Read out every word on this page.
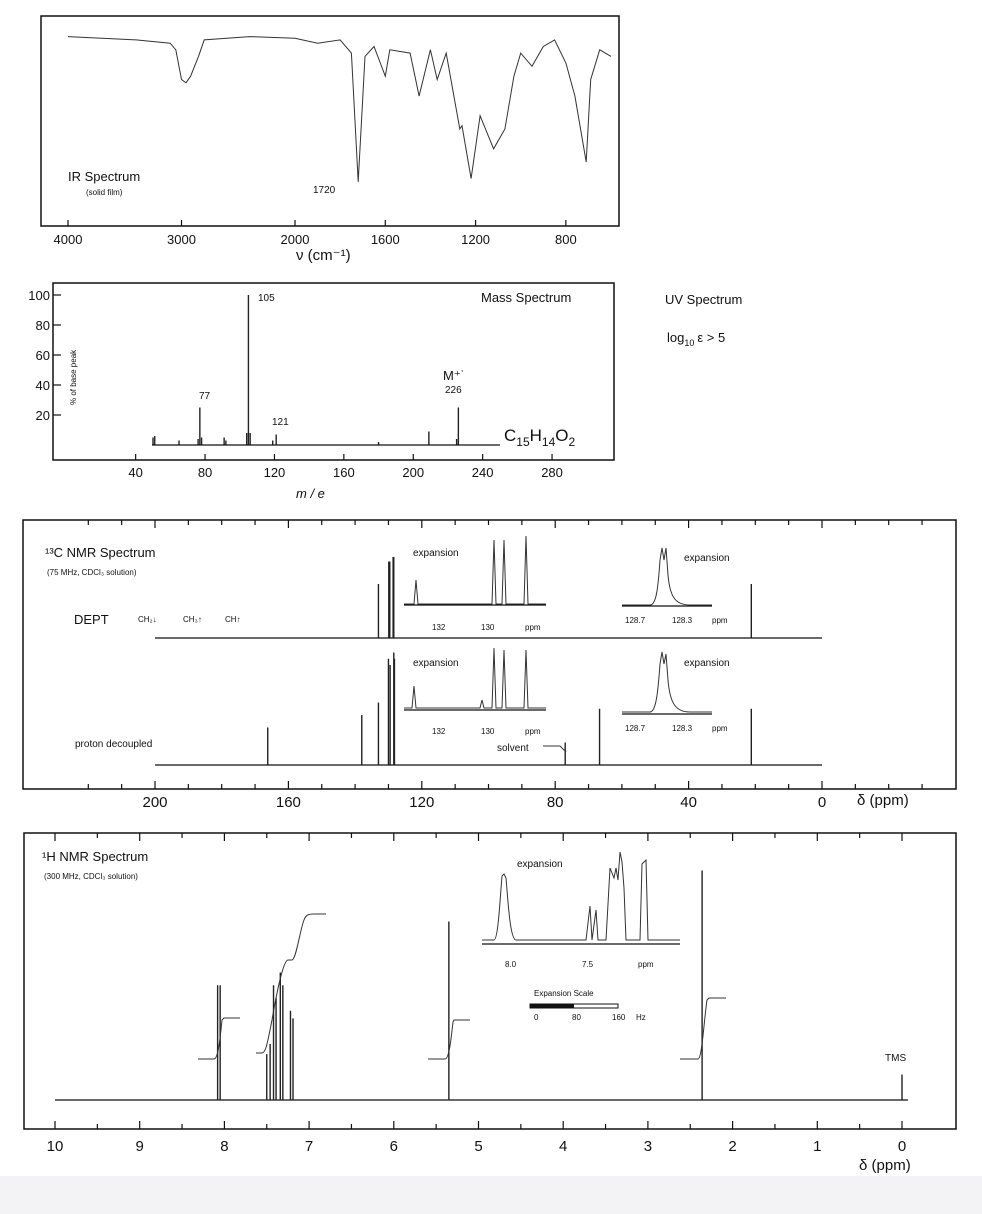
4000	3000	2000	1600	1200	800
IR Spectrum
(solid film)	1720
ν (cm⁻¹)
20
40
60
80
100
40	80	120	160	200	240	280
Mass Spectrum
% of base peak
m / e
105
77
121
M⁺˙
226
$C_{15}H_{14}O_2$
UV Spectrum
$\log_{10} \varepsilon > 5$
200	160	120	80	40	0
¹³C NMR Spectrum
(75 MHz, CDCl₃ solution)
DEPT	CH₂↓	CH₃↑	CH↑
proton decoupled	solvent
δ (ppm)
expansion
132	130	ppm
expansion
128.7	128.3 ppm
expansion
132	130	ppm
expansion
128.7	128.3 ppm
10	9	8	7	6	5	4	3	2	1	0
¹H NMR Spectrum
(300 MHz, CDCl₃ solution)
TMS
δ (ppm)
expansion
8.0	7.5	ppm
Expansion Scale
0	80	160 Hz
